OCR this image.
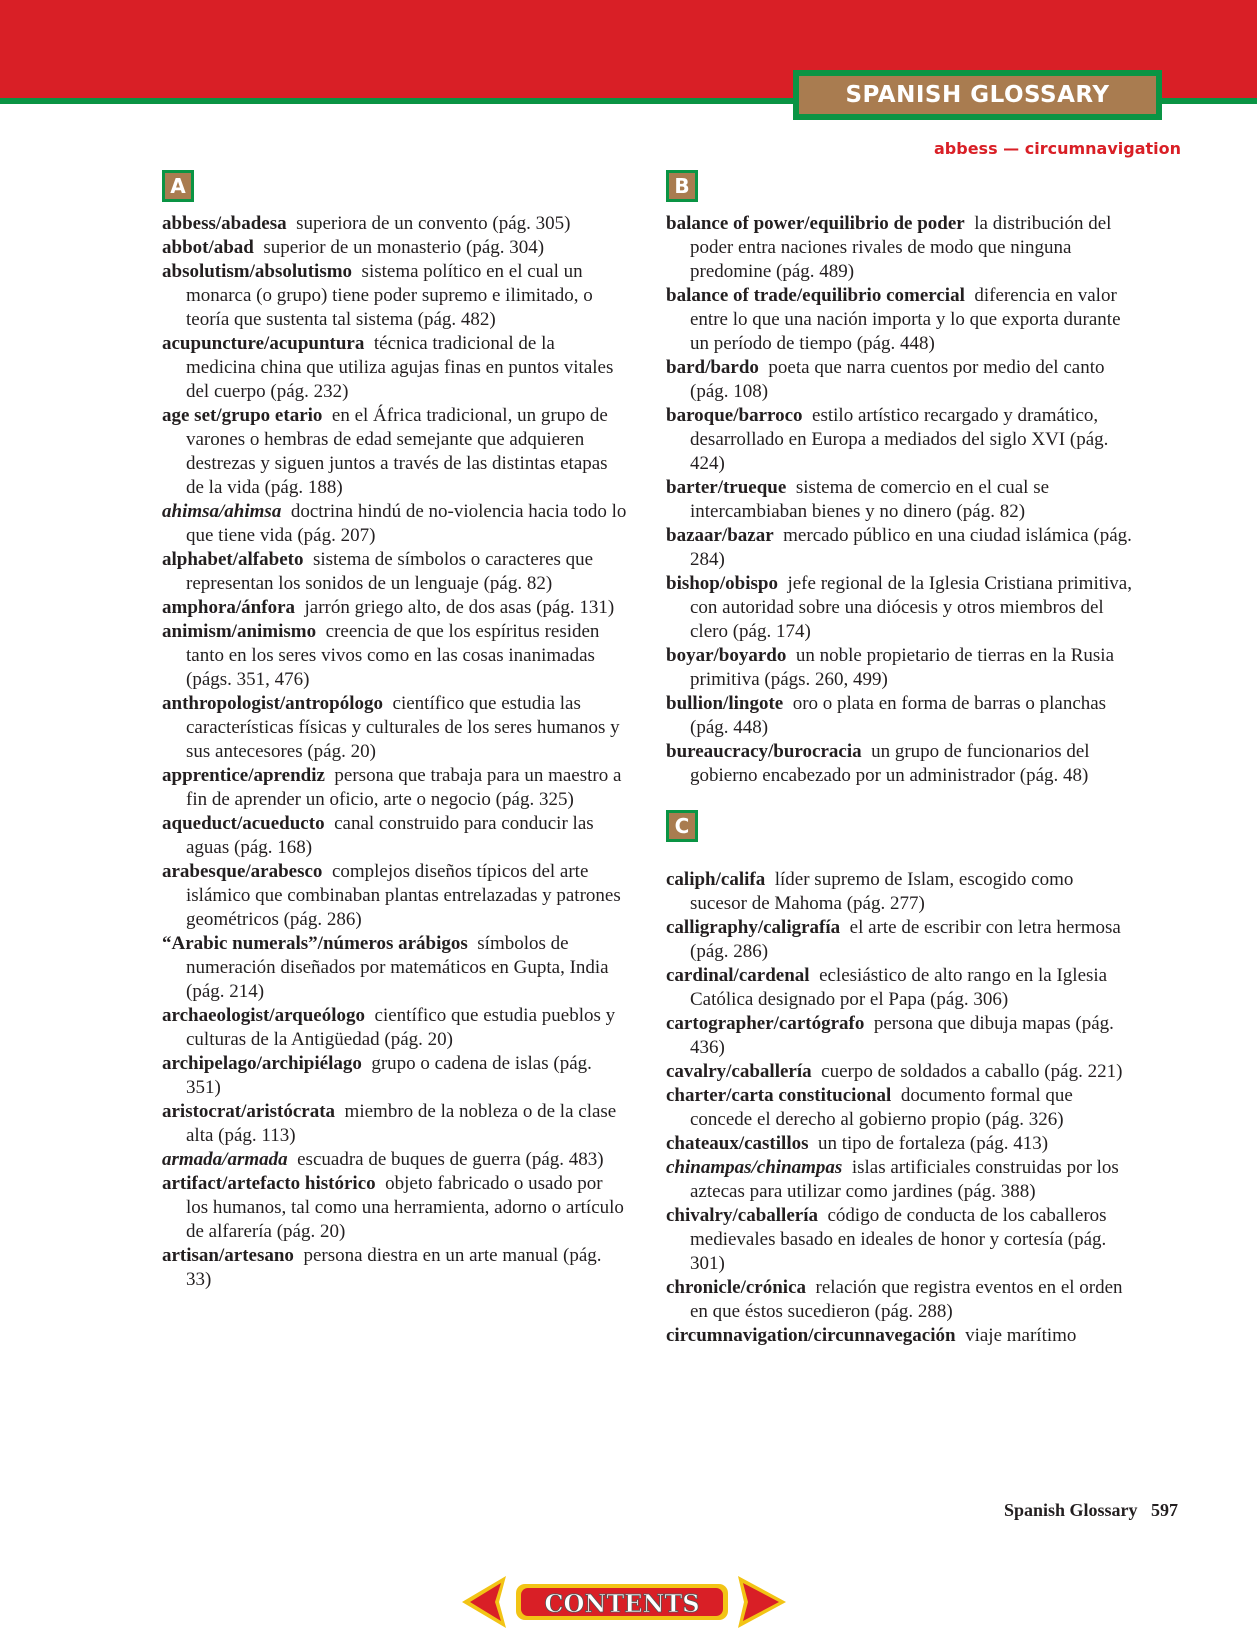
SPANISH GLOSSARY
abbess — circumnavigation
A
abbess/abadesa superiora de un convento (pág. 305)
abbot/abad superior de un monasterio (pág. 304)
absolutism/absolutismo sistema político en el cual un monarca (o grupo) tiene poder supremo e ilimitado, o teoría que sustenta tal sistema (pág. 482)
acupuncture/acupuntura técnica tradicional de la medicina china que utiliza agujas finas en puntos vitales del cuerpo (pág. 232)
age set/grupo etario en el África tradicional, un grupo de varones o hembras de edad semejante que adquieren destrezas y siguen juntos a través de las distintas etapas de la vida (pág. 188)
ahimsa/ahimsa doctrina hindú de no-violencia hacia todo lo que tiene vida (pág. 207)
alphabet/alfabeto sistema de símbolos o caracteres que representan los sonidos de un lenguaje (pág. 82)
amphora/ánfora jarrón griego alto, de dos asas (pág. 131)
animism/animismo creencia de que los espíritus residen tanto en los seres vivos como en las cosas inanimadas (págs. 351, 476)
anthropologist/antropólogo científico que estudia las características físicas y culturales de los seres humanos y sus antecesores (pág. 20)
apprentice/aprendiz persona que trabaja para un maestro a fin de aprender un oficio, arte o negocio (pág. 325)
aqueduct/acueducto canal construido para conducir las aguas (pág. 168)
arabesque/arabesco complejos diseños típicos del arte islámico que combinaban plantas entrelazadas y patrones geométricos (pág. 286)
“Arabic numerals”/números arábigos símbolos de numeración diseñados por matemáticos en Gupta, India (pág. 214)
archaeologist/arqueólogo científico que estudia pueblos y culturas de la Antigüedad (pág. 20)
archipelago/archipiélago grupo o cadena de islas (pág. 351)
aristocrat/aristócrata miembro de la nobleza o de la clase alta (pág. 113)
armada/armada escuadra de buques de guerra (pág. 483)
artifact/artefacto histórico objeto fabricado o usado por los humanos, tal como una herramienta, adorno o artículo de alfarería (pág. 20)
artisan/artesano persona diestra en un arte manual (pág. 33)
B
balance of power/equilibrio de poder la distribución del poder entra naciones rivales de modo que ninguna predomine (pág. 489)
balance of trade/equilibrio comercial diferencia en valor entre lo que una nación importa y lo que exporta durante un período de tiempo (pág. 448)
bard/bardo poeta que narra cuentos por medio del canto (pág. 108)
baroque/barroco estilo artístico recargado y dramático, desarrollado en Europa a mediados del siglo XVI (pág. 424)
barter/trueque sistema de comercio en el cual se intercambiaban bienes y no dinero (pág. 82)
bazaar/bazar mercado público en una ciudad islámica (pág. 284)
bishop/obispo jefe regional de la Iglesia Cristiana primitiva, con autoridad sobre una diócesis y otros miembros del clero (pág. 174)
boyar/boyardo un noble propietario de tierras en la Rusia primitiva (págs. 260, 499)
bullion/lingote oro o plata en forma de barras o planchas (pág. 448)
bureaucracy/burocracia un grupo de funcionarios del gobierno encabezado por un administrador (pág. 48)
C
caliph/califa líder supremo de Islam, escogido como sucesor de Mahoma (pág. 277)
calligraphy/caligrafía el arte de escribir con letra hermosa (pág. 286)
cardinal/cardenal eclesiástico de alto rango en la Iglesia Católica designado por el Papa (pág. 306)
cartographer/cartógrafo persona que dibuja mapas (pág. 436)
cavalry/caballería cuerpo de soldados a caballo (pág. 221)
charter/carta constitucional documento formal que concede el derecho al gobierno propio (pág. 326)
chateaux/castillos un tipo de fortaleza (pág. 413)
chinampas/chinampas islas artificiales construidas por los aztecas para utilizar como jardines (pág. 388)
chivalry/caballería código de conducta de los caballeros medievales basado en ideales de honor y cortesía (pág. 301)
chronicle/crónica relación que registra eventos en el orden en que éstos sucedieron (pág. 288)
circumnavigation/circunnavegación viaje marítimo
Spanish Glossary 597
CONTENTS
